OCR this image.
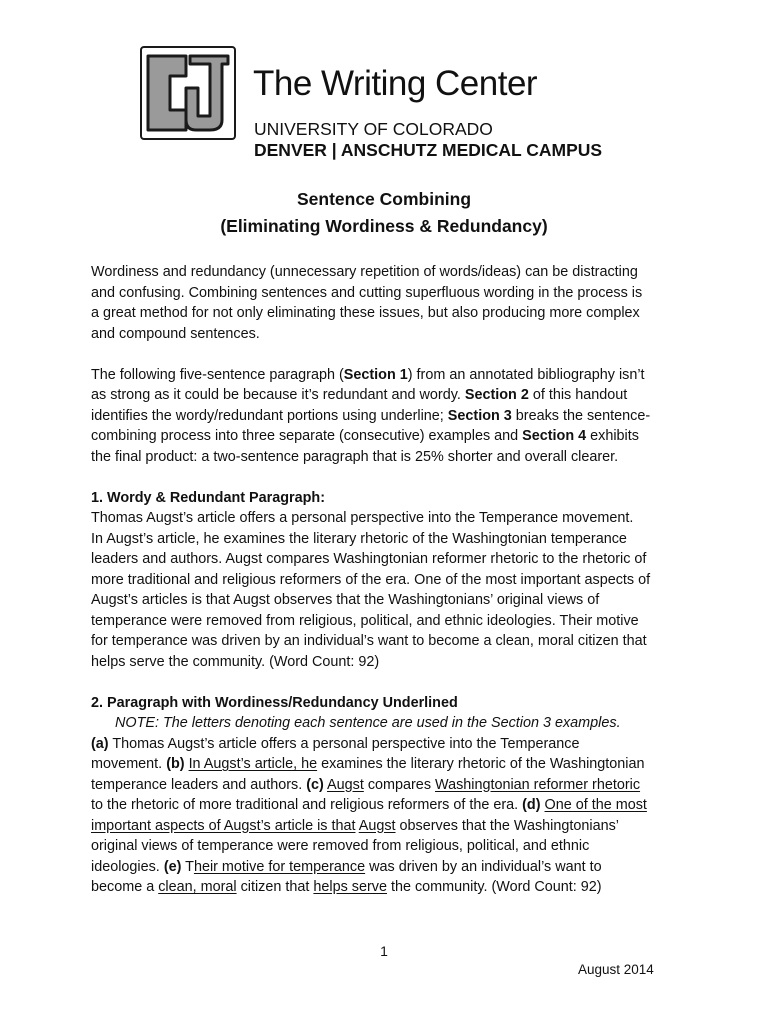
The Writing Center
UNIVERSITY OF COLORADO
DENVER | ANSCHUTZ MEDICAL CAMPUS
Sentence Combining
(Eliminating Wordiness & Redundancy)

Wordiness and redundancy (unnecessary repetition of words/ideas) can be distracting

and confusing. Combining sentences and cutting superfluous wording in the process is

a great method for not only eliminating these issues, but also producing more complex

and compound sentences.

The following five-sentence paragraph (Section 1) from an annotated bibliography isn’t

as strong as it could be because it’s redundant and wordy. Section 2 of this handout

identifies the wordy/redundant portions using underline; Section 3 breaks the sentence-

combining process into three separate (consecutive) examples and Section 4 exhibits

the final product: a two-sentence paragraph that is 25% shorter and overall clearer.

1. Wordy & Redundant Paragraph:

Thomas Augst’s article offers a personal perspective into the Temperance movement.

In Augst’s article, he examines the literary rhetoric of the Washingtonian temperance

leaders and authors. Augst compares Washingtonian reformer rhetoric to the rhetoric of

more traditional and religious reformers of the era. One of the most important aspects of

Augst’s articles is that Augst observes that the Washingtonians’ original views of

temperance were removed from religious, political, and ethnic ideologies. Their motive

for temperance was driven by an individual’s want to become a clean, moral citizen that

helps serve the community. (Word Count: 92)

2. Paragraph with Wordiness/Redundancy Underlined

NOTE: The letters denoting each sentence are used in the Section 3 examples.

(a) Thomas Augst’s article offers a personal perspective into the Temperance

movement. (b) In Augst’s article, he examines the literary rhetoric of the Washingtonian

temperance leaders and authors. (c) Augst compares Washingtonian reformer rhetoric

to the rhetoric of more traditional and religious reformers of the era. (d) One of the most

important aspects of Augst’s article is that Augst observes that the Washingtonians’

original views of temperance were removed from religious, political, and ethnic

ideologies. (e) Their motive for temperance was driven by an individual’s want to

become a clean, moral citizen that helps serve the community. (Word Count: 92)

1
August 2014
